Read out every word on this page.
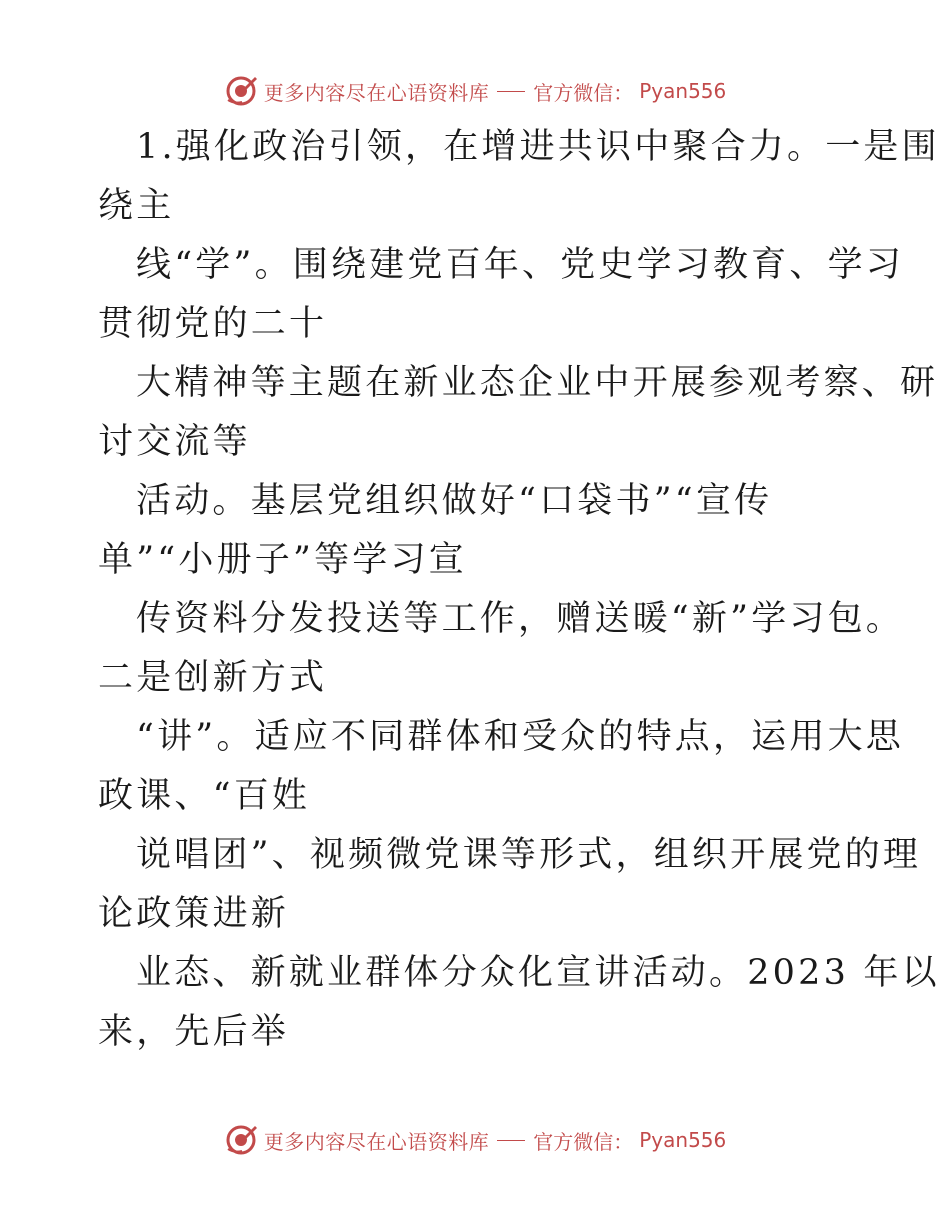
更多内容尽在心语资料库 官方微信： Pyan556
1.强化政治引领，在增进共识中聚合力。一是围
绕主
线“学”。围绕建党百年、党史学习教育、学习
贯彻党的二十
大精神等主题在新业态企业中开展参观考察、研
讨交流等
活动。基层党组织做好“口袋书”“宣传
单”“小册子”等学习宣
传资料分发投送等工作，赠送暖“新”学习包。
二是创新方式
“讲”。适应不同群体和受众的特点，运用大思
政课、“百姓
说唱团”、视频微党课等形式，组织开展党的理
论政策进新
业态、新就业群体分众化宣讲活动。2023 年以
来，先后举
更多内容尽在心语资料库 官方微信： Pyan556
